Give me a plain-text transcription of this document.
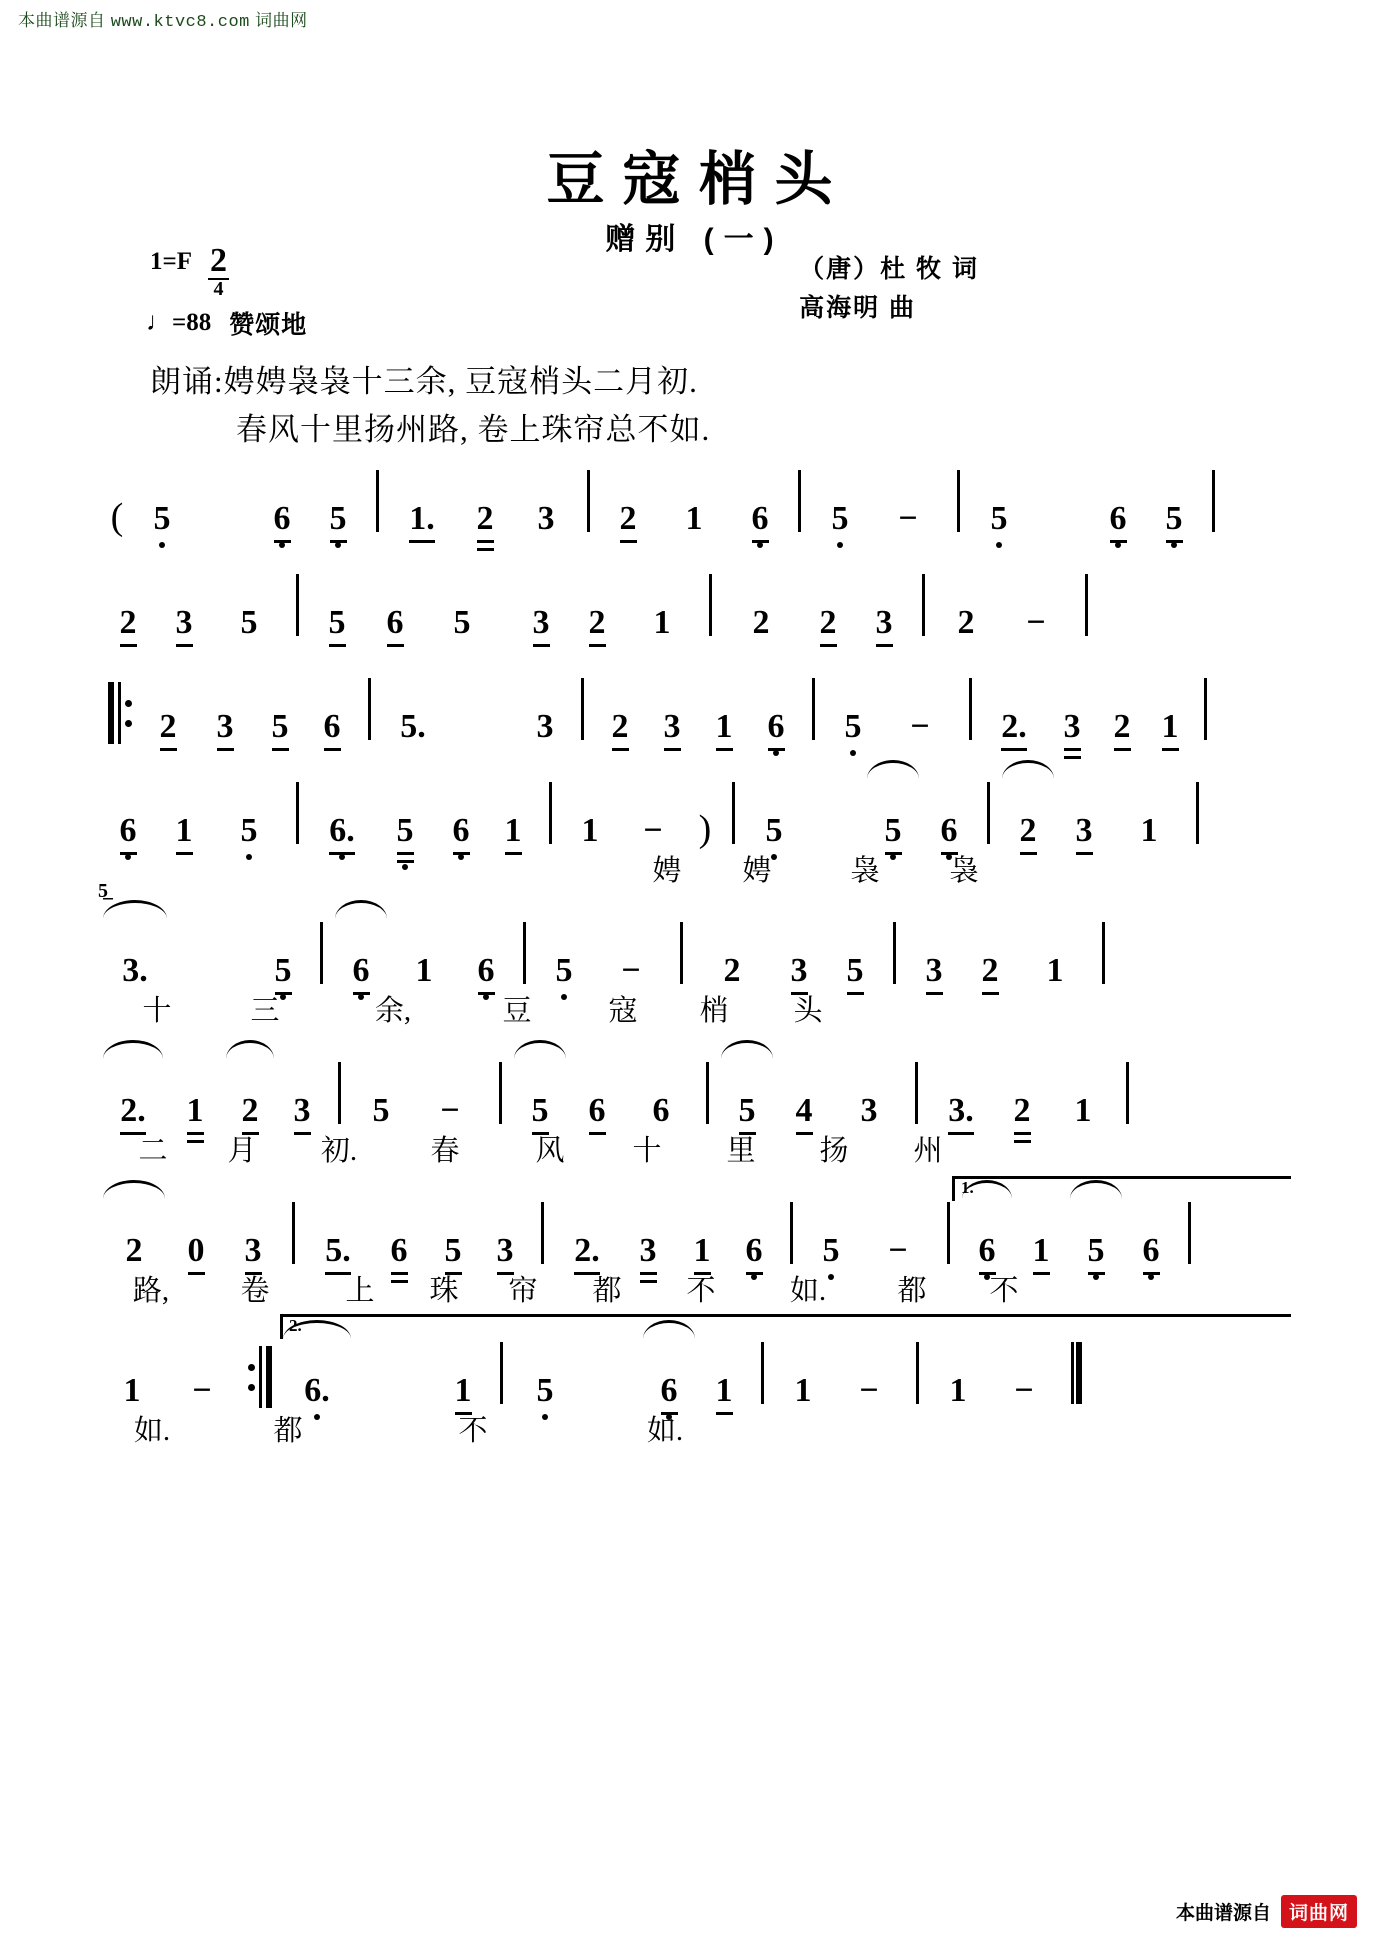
本曲谱源自 www.ktvc8.com 词曲网
本曲谱源自 词曲网
豆寇梢头
赠别 (一)
$1=F \frac{2}{4}$
♩ =88 赞颂地
（唐）杜 牧 词
高海明 曲
朗诵:娉娉袅袅十三余, 豆寇梢头二月初.
春风十里扬州路, 卷上珠帘总不如.
( 5	6 5 1. 2 3 2 1 6 5 − 5	6 5
2 3 5 5 6 5 3 2 1 2 2 3 2 −
2 3 5 6 5.	3 2 3 1 6 5 − 2. 3 2 1
6 1 5 6. 5 6 1 1 − ) 5	5 6 2 3 1
娉	娉	袅	袅
5̲
3.	5 6 1 6 5 − 2 3 5 3 2 1
十	三	余,	豆	寇	梢	头
2. 1 2 3 5 − 5 6 6 5 4 3 3. 2 1
二	月	初.	春	风	十	里	扬	州
1.
2 0 3 5. 6 5 3 2. 3 1 6 5 − 6 1 5 6
路,	卷	上	珠	帘	都	不	如.	都	不
2.
1 −	6.	1 5	6 1 1 − 1 −
如.	都	不	如.
